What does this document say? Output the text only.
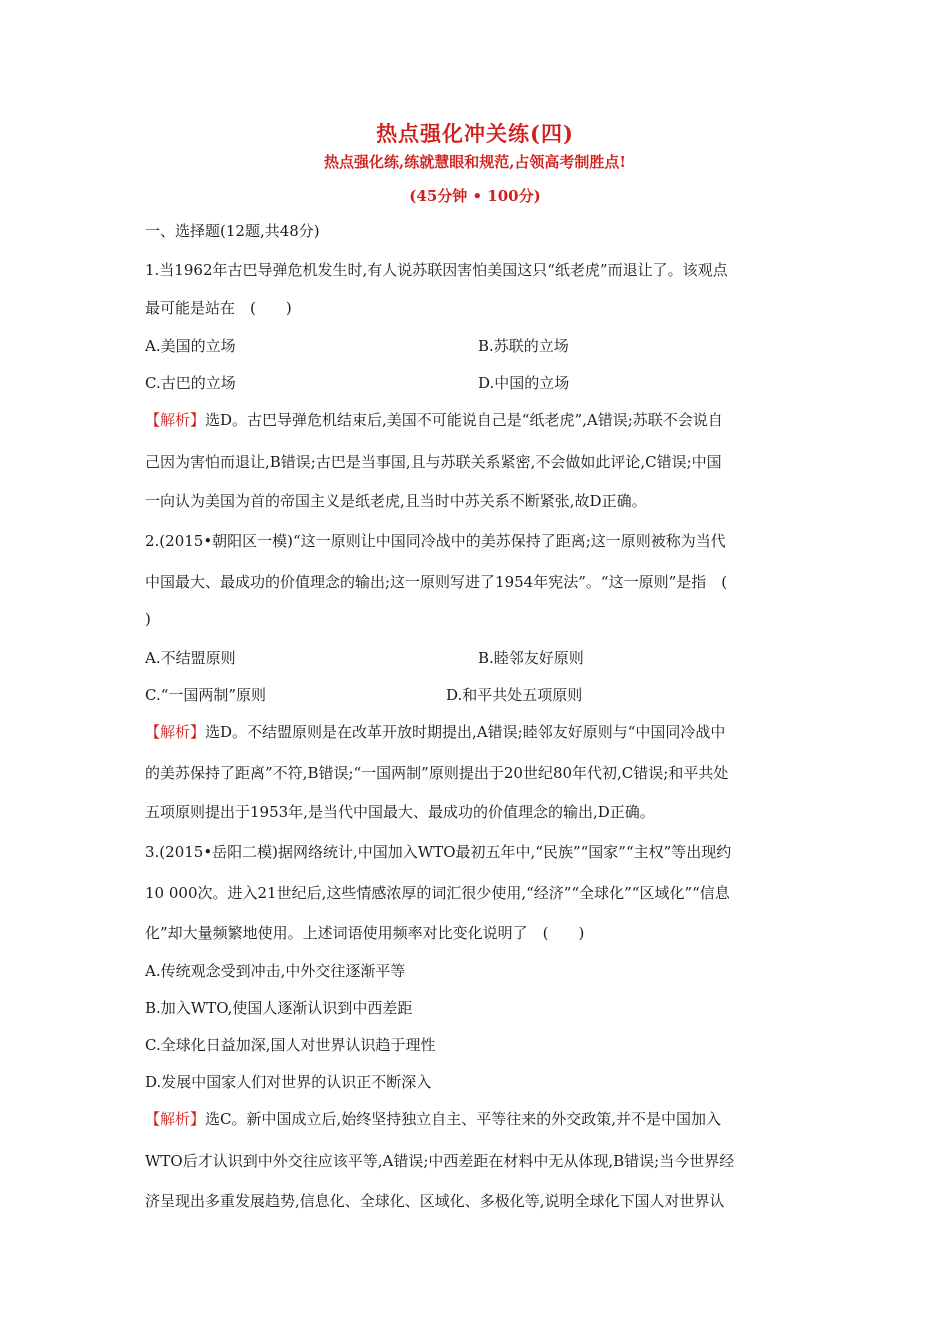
热点强化冲关练(四)
热点强化练,练就慧眼和规范,占领高考制胜点!
(45分钟 • 100分)
一、选择题(12题,共48分)
1.当1962年古巴导弹危机发生时,有人说苏联因害怕美国这只“纸老虎”而退让了。该观点
最可能是站在　(　　)
A.美国的立场	B.苏联的立场
C.古巴的立场	D.中国的立场
【解析】选D。古巴导弹危机结束后,美国不可能说自己是“纸老虎”,A错误;苏联不会说自
己因为害怕而退让,B错误;古巴是当事国,且与苏联关系紧密,不会做如此评论,C错误;中国
一向认为美国为首的帝国主义是纸老虎,且当时中苏关系不断紧张,故D正确。
2.(2015•朝阳区一模)“这一原则让中国同冷战中的美苏保持了距离;这一原则被称为当代
中国最大、最成功的价值理念的输出;这一原则写进了1954年宪法”。“这一原则”是指　(
)
A.不结盟原则	B.睦邻友好原则
C.“一国两制”原则	D.和平共处五项原则
【解析】选D。不结盟原则是在改革开放时期提出,A错误;睦邻友好原则与“中国同冷战中
的美苏保持了距离”不符,B错误;“一国两制”原则提出于20世纪80年代初,C错误;和平共处
五项原则提出于1953年,是当代中国最大、最成功的价值理念的输出,D正确。
3.(2015•岳阳二模)据网络统计,中国加入WTO最初五年中,“民族”“国家”“主权”等出现约
10 000次。进入21世纪后,这些情感浓厚的词汇很少使用,“经济”“全球化”“区域化”“信息
化”却大量频繁地使用。上述词语使用频率对比变化说明了　(　　)
A.传统观念受到冲击,中外交往逐渐平等
B.加入WTO,使国人逐渐认识到中西差距
C.全球化日益加深,国人对世界认识趋于理性
D.发展中国家人们对世界的认识正不断深入
【解析】选C。新中国成立后,始终坚持独立自主、平等往来的外交政策,并不是中国加入
WTO后才认识到中外交往应该平等,A错误;中西差距在材料中无从体现,B错误;当今世界经
济呈现出多重发展趋势,信息化、全球化、区域化、多极化等,说明全球化下国人对世界认
